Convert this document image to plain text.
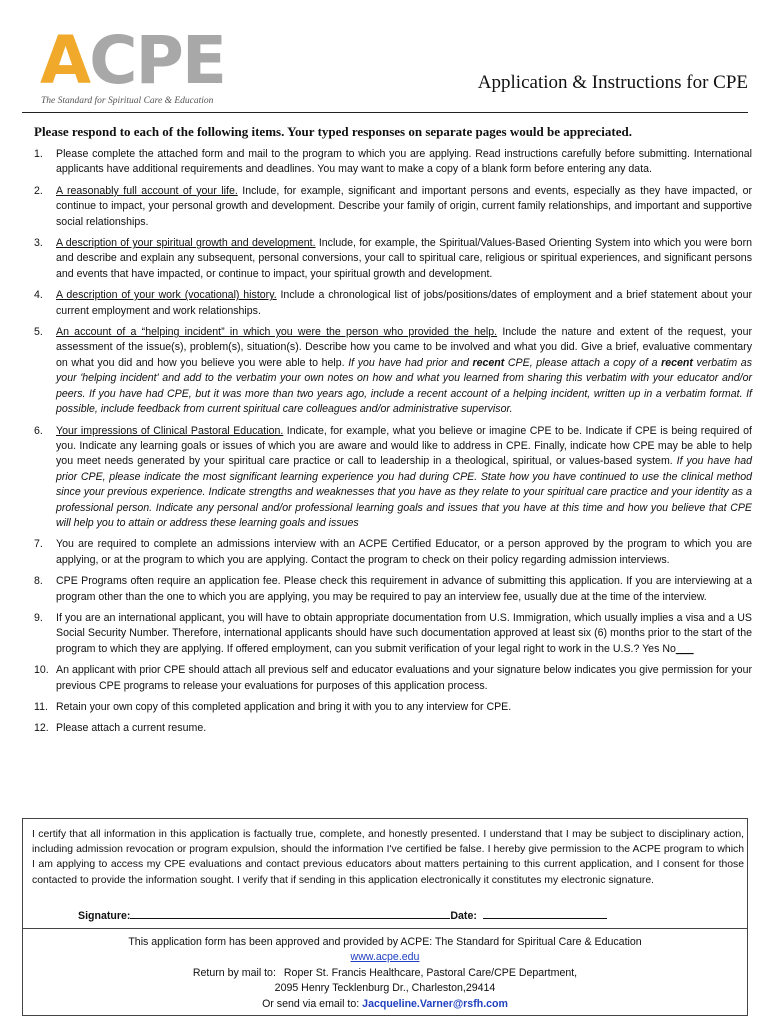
ACPE
The Standard for Spiritual Care & Education
Application & Instructions for CPE
Please respond to each of the following items. Your typed responses on separate pages would be appreciated.
1.	Please complete the attached form and mail to the program to which you are applying. Read instructions carefully before submitting. International applicants have additional requirements and deadlines. You may want to make a copy of a blank form before entering any data.
2.	A reasonably full account of your life. Include, for example, significant and important persons and events, especially as they have impacted, or continue to impact, your personal growth and development. Describe your family of origin, current family relationships, and important and supportive social relationships.
3.	A description of your spiritual growth and development. Include, for example, the Spiritual/Values-Based Orienting System into which you were born and describe and explain any subsequent, personal conversions, your call to spiritual care, religious or spiritual experiences, and significant persons and events that have impacted, or continue to impact, your spiritual growth and development.
4.	A description of your work (vocational) history. Include a chronological list of jobs/positions/dates of employment and a brief statement about your current employment and work relationships.
5.	An account of a “helping incident” in which you were the person who provided the help. Include the nature and extent of the request, your assessment of the issue(s), problem(s), situation(s). Describe how you came to be involved and what you did. Give a brief, evaluative commentary on what you did and how you believe you were able to help. If you have had prior and recent CPE, please attach a copy of a recent verbatim as your 'helping incident' and add to the verbatim your own notes on how and what you learned from sharing this verbatim with your educator and/or peers. If you have had CPE, but it was more than two years ago, include a recent account of a helping incident, written up in a verbatim format. If possible, include feedback from current spiritual care colleagues and/or administrative supervisor.
6.	Your impressions of Clinical Pastoral Education. Indicate, for example, what you believe or imagine CPE to be. Indicate if CPE is being required of you. Indicate any learning goals or issues of which you are aware and would like to address in CPE. Finally, indicate how CPE may be able to help you meet needs generated by your spiritual care practice or call to leadership in a theological, spiritual, or values-based system. If you have had prior CPE, please indicate the most significant learning experience you had during CPE. State how you have continued to use the clinical method since your previous experience. Indicate strengths and weaknesses that you have as they relate to your spiritual care practice and your identity as a professional person. Indicate any personal and/or professional learning goals and issues that you have at this time and how you believe that CPE will help you to attain or address these learning goals and issues
7.	You are required to complete an admissions interview with an ACPE Certified Educator, or a person approved by the program to which you are applying, or at the program to which you are applying. Contact the program to check on their policy regarding admission interviews.
8.	CPE Programs often require an application fee. Please check this requirement in advance of submitting this application. If you are interviewing at a program other than the one to which you are applying, you may be required to pay an interview fee, usually due at the time of the interview.
9.	If you are an international applicant, you will have to obtain appropriate documentation from U.S. Immigration, which usually implies a visa and a US Social Security Number. Therefore, international applicants should have such documentation approved at least six (6) months prior to the start of the program to which they are applying. If offered employment, can you submit verification of your legal right to work in the U.S.? Yes No___
10. An applicant with prior CPE should attach all previous self and educator evaluations and your signature below indicates you give permission for your previous CPE programs to release your evaluations for purposes of this application process.
11. Retain your own copy of this completed application and bring it with you to any interview for CPE.
12. Please attach a current resume.
I certify that all information in this application is factually true, complete, and honestly presented. I understand that I may be subject to disciplinary action, including admission revocation or program expulsion, should the information I've certified be false. I hereby give permission to the ACPE program to which I am applying to access my CPE evaluations and contact previous educators about matters pertaining to this current application, and I consent for those contacted to provide the information sought. I verify that if sending in this application electronically it constitutes my electronic signature.
Signature:	Date:
This application form has been approved and provided by ACPE: The Standard for Spiritual Care & Education
www.acpe.edu
Return by mail to: Roper St. Francis Healthcare, Pastoral Care/CPE Department,
2095 Henry Tecklenburg Dr., Charleston,29414
Or send via email to: Jacqueline.Varner@rsfh.com
